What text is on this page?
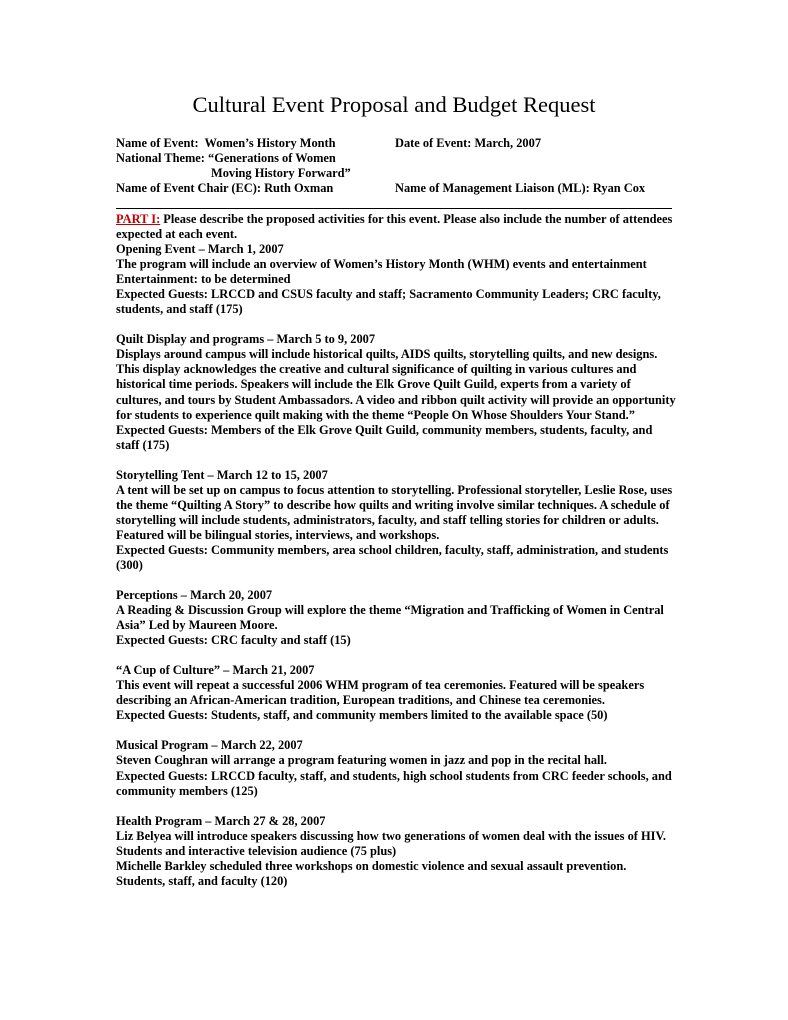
Cultural Event Proposal and Budget Request
Name of Event:  Women’s History Month	Date of Event: March, 2007
National Theme: “Generations of Women
Moving History Forward”
Name of Event Chair (EC): Ruth Oxman	Name of Management Liaison (ML): Ryan Cox

PART I: Please describe the proposed activities for this event. Please also include the number of attendees expected at each event.

Opening Event – March 1, 2007

The program will include an overview of Women’s History Month (WHM) events and entertainment

Entertainment: to be determined

Expected Guests: LRCCD and CSUS faculty and staff; Sacramento Community Leaders; CRC faculty, students, and staff (175)

Quilt Display and programs – March 5 to 9, 2007

Displays around campus will include historical quilts, AIDS quilts, storytelling quilts, and new designs. This display acknowledges the creative and cultural significance of quilting in various cultures and historical time periods. Speakers will include the Elk Grove Quilt Guild, experts from a variety of cultures, and tours by Student Ambassadors. A video and ribbon quilt activity will provide an opportunity for students to experience quilt making with the theme “People On Whose Shoulders Your Stand.”

Expected Guests: Members of the Elk Grove Quilt Guild, community members, students, faculty, and staff (175)

Storytelling Tent – March 12 to 15, 2007

A tent will be set up on campus to focus attention to storytelling. Professional storyteller, Leslie Rose, uses the theme “Quilting A Story” to describe how quilts and writing involve similar techniques. A schedule of storytelling will include students, administrators, faculty, and staff telling stories for children or adults. Featured will be bilingual stories, interviews, and workshops.

Expected Guests: Community members, area school children, faculty, staff, administration, and students (300)

Perceptions – March 20, 2007

A Reading & Discussion Group will explore the theme “Migration and Trafficking of Women in Central Asia” Led by Maureen Moore.

Expected Guests: CRC faculty and staff (15)

“A Cup of Culture” – March 21, 2007

This event will repeat a successful 2006 WHM program of tea ceremonies. Featured will be speakers describing an African-American tradition, European traditions, and Chinese tea ceremonies.

Expected Guests: Students, staff, and community members limited to the available space (50)

Musical Program – March 22, 2007

Steven Coughran will arrange a program featuring women in jazz and pop in the recital hall.

Expected Guests: LRCCD faculty, staff, and students, high school students from CRC feeder schools, and community members (125)

Health Program – March 27 & 28, 2007

Liz Belyea will introduce speakers discussing how two generations of women deal with the issues of HIV.

Students and interactive television audience (75 plus)

Michelle Barkley scheduled three workshops on domestic violence and sexual assault prevention.

Students, staff, and faculty (120)
